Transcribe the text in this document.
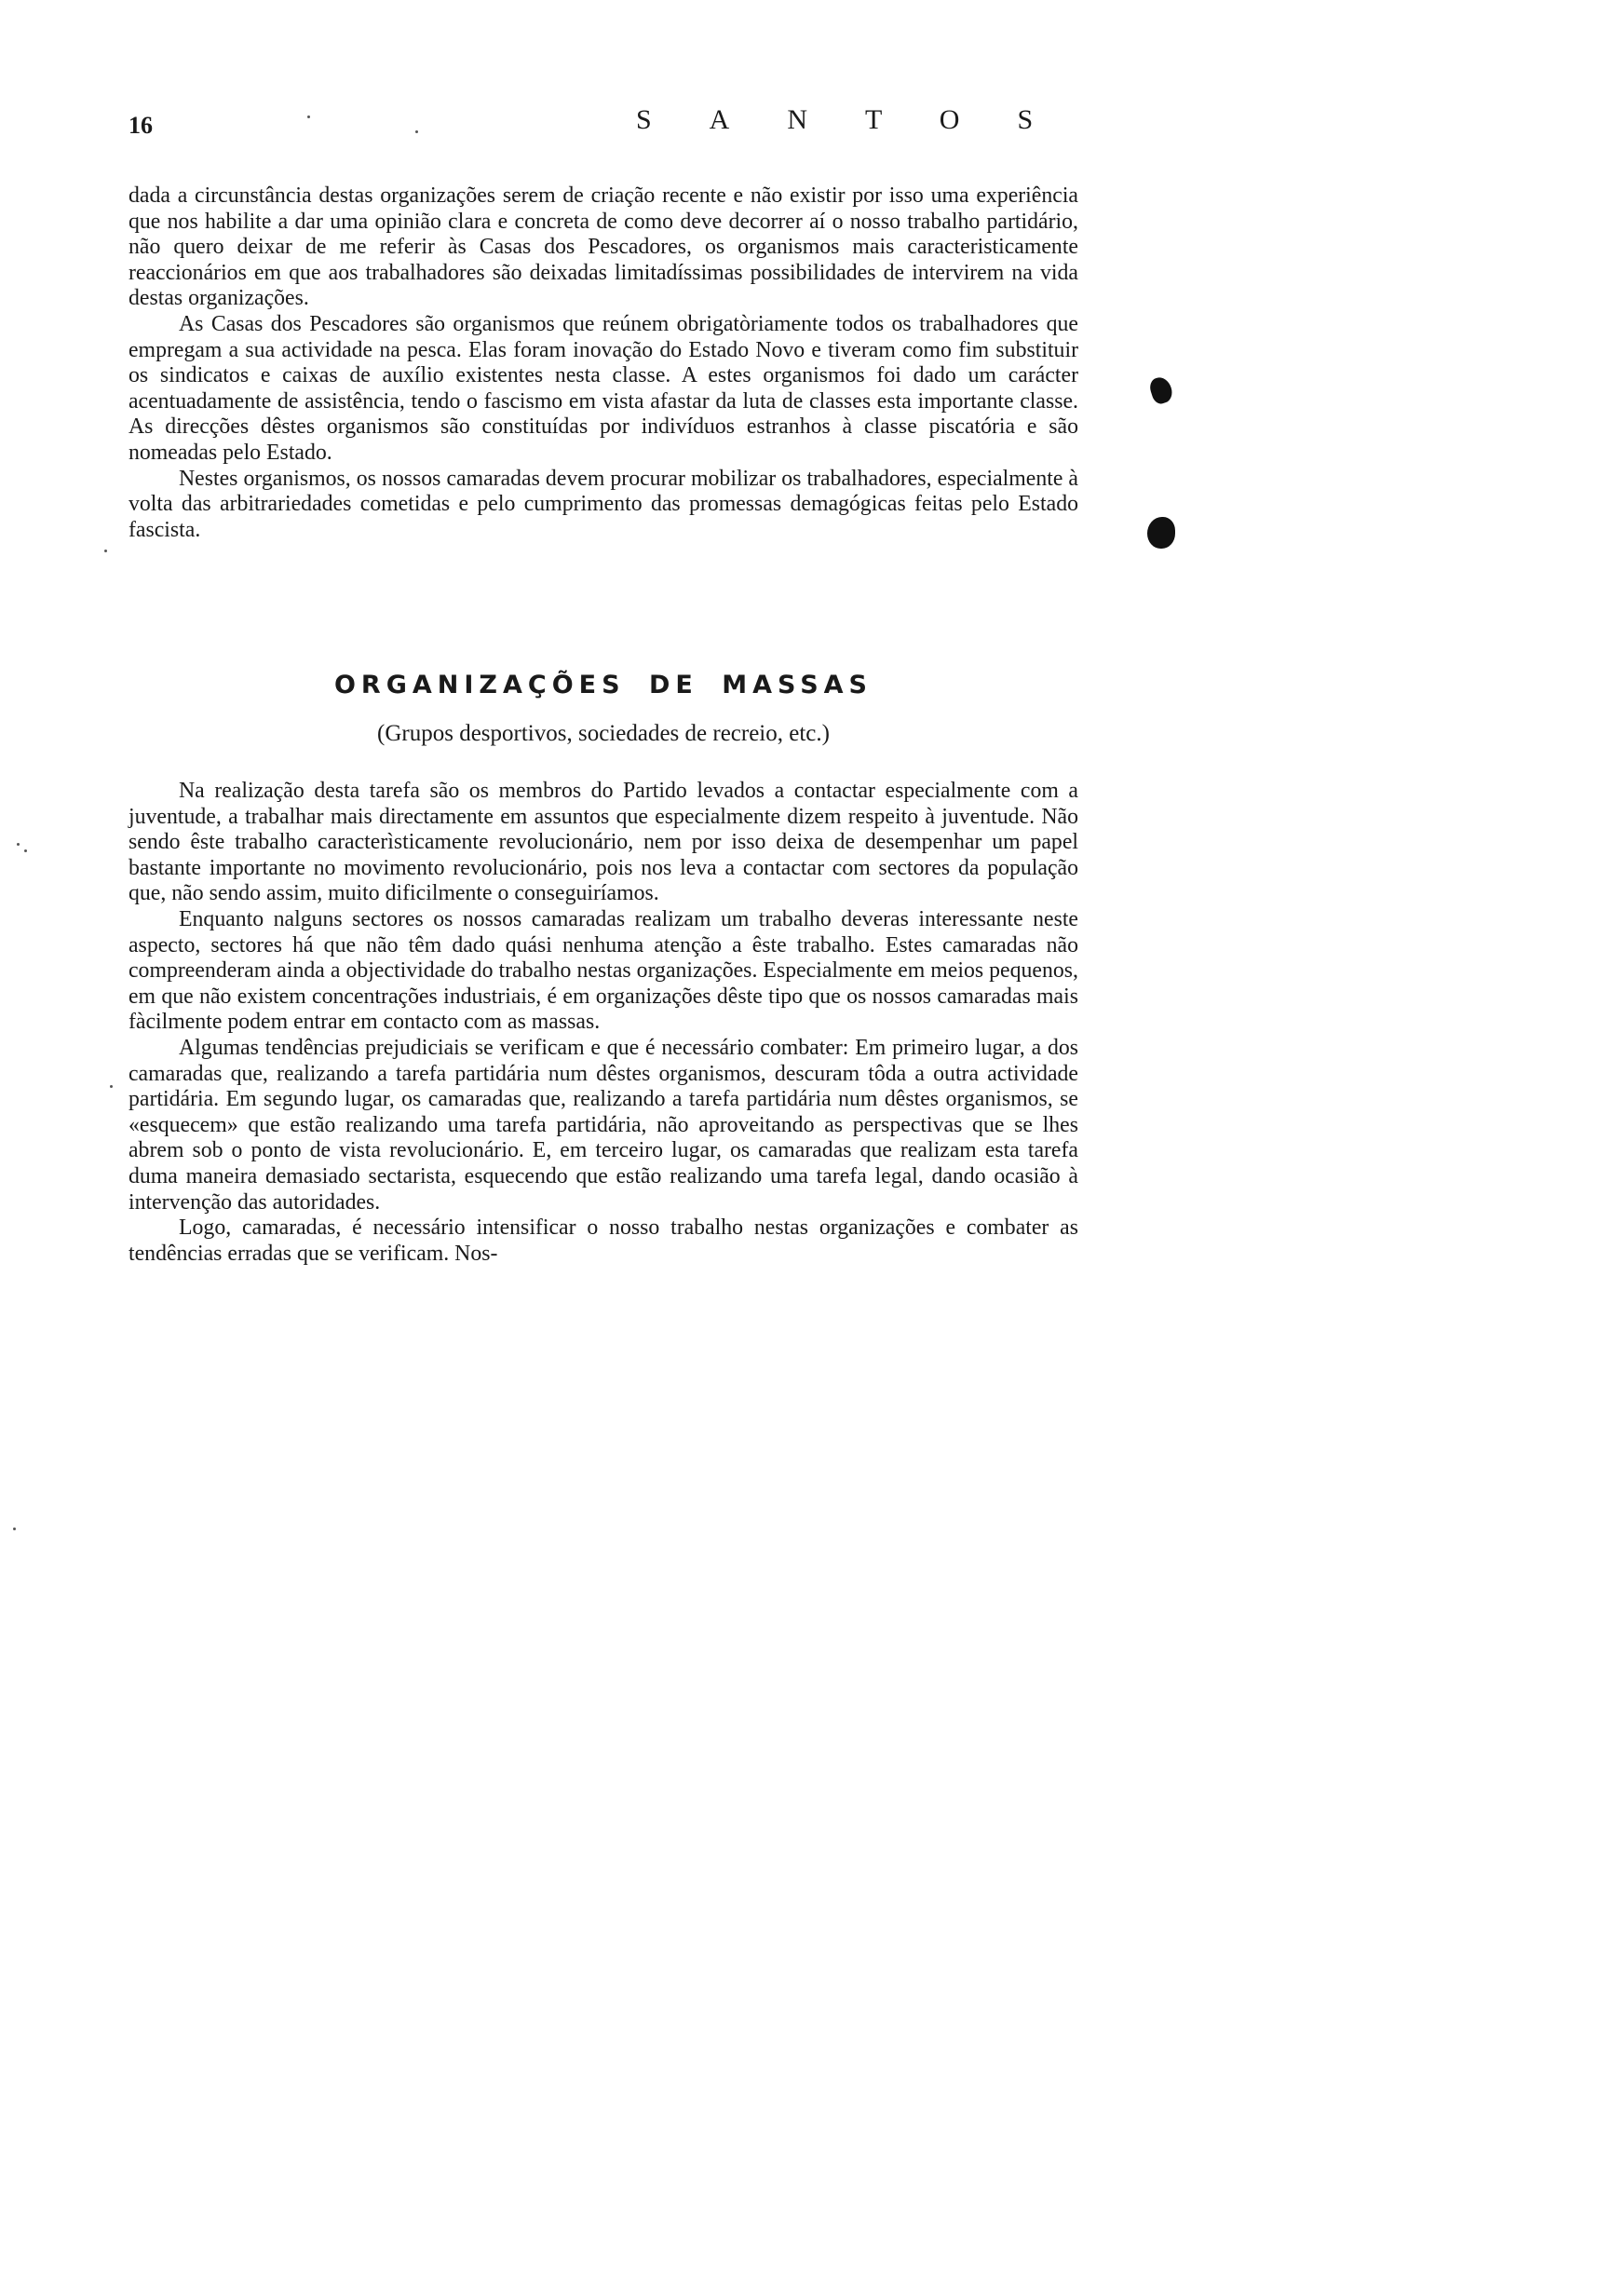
16	SANTOS

dada a circunstância destas organizações serem de criação recente e não existir por isso uma experiência que nos habilite a dar uma opinião clara e concreta de como deve decorrer aí o nosso trabalho partidário, não quero deixar de me referir às Casas dos Pescadores, os organismos mais caracteristicamente reaccionários em que aos trabalhadores são deixadas limitadíssimas possibilidades de intervirem na vida destas organizações.

As Casas dos Pescadores são organismos que reúnem obrigatòriamente todos os trabalhadores que empregam a sua actividade na pesca. Elas foram inovação do Estado Novo e tiveram como fim substituir os sindicatos e caixas de auxílio existentes nesta classe. A estes organismos foi dado um carácter acentuadamente de assistência, tendo o fascismo em vista afastar da luta de classes esta importante classe. As direcções dêstes organismos são constituídas por indivíduos estranhos à classe piscatória e são nomeadas pelo Estado.

Nestes organismos, os nossos camaradas devem procurar mobilizar os trabalhadores, especialmente à volta das arbitrariedades cometidas e pelo cumprimento das promessas demagógicas feitas pelo Estado fascista.

ORGANIZAÇÕES DE MASSAS
(Grupos desportivos, sociedades de recreio, etc.)

Na realização desta tarefa são os membros do Partido levados a contactar especialmente com a juventude, a trabalhar mais directamente em assuntos que especialmente dizem respeito à juventude. Não sendo êste trabalho caracterìsticamente revolucionário, nem por isso deixa de desempenhar um papel bastante importante no movimento revolucionário, pois nos leva a contactar com sectores da população que, não sendo assim, muito dificilmente o conseguiríamos.

Enquanto nalguns sectores os nossos camaradas realizam um trabalho deveras interessante neste aspecto, sectores há que não têm dado quási nenhuma atenção a êste trabalho. Estes camaradas não compreenderam ainda a objectividade do trabalho nestas organizações. Especialmente em meios pequenos, em que não existem concentrações industriais, é em organizações dêste tipo que os nossos camaradas mais fàcilmente podem entrar em contacto com as massas.

Algumas tendências prejudiciais se verificam e que é necessário combater: Em primeiro lugar, a dos camaradas que, realizando a tarefa partidária num dêstes organismos, descuram tôda a outra actividade partidária. Em segundo lugar, os camaradas que, realizando a tarefa partidária num dêstes organismos, se «esquecem» que estão realizando uma tarefa partidária, não aproveitando as perspectivas que se lhes abrem sob o ponto de vista revolucionário. E, em terceiro lugar, os camaradas que realizam esta tarefa duma maneira demasiado sectarista, esquecendo que estão realizando uma tarefa legal, dando ocasião à intervenção das autoridades.

Logo, camaradas, é necessário intensificar o nosso trabalho nestas organizações e combater as tendências erradas que se verificam. Nos-
